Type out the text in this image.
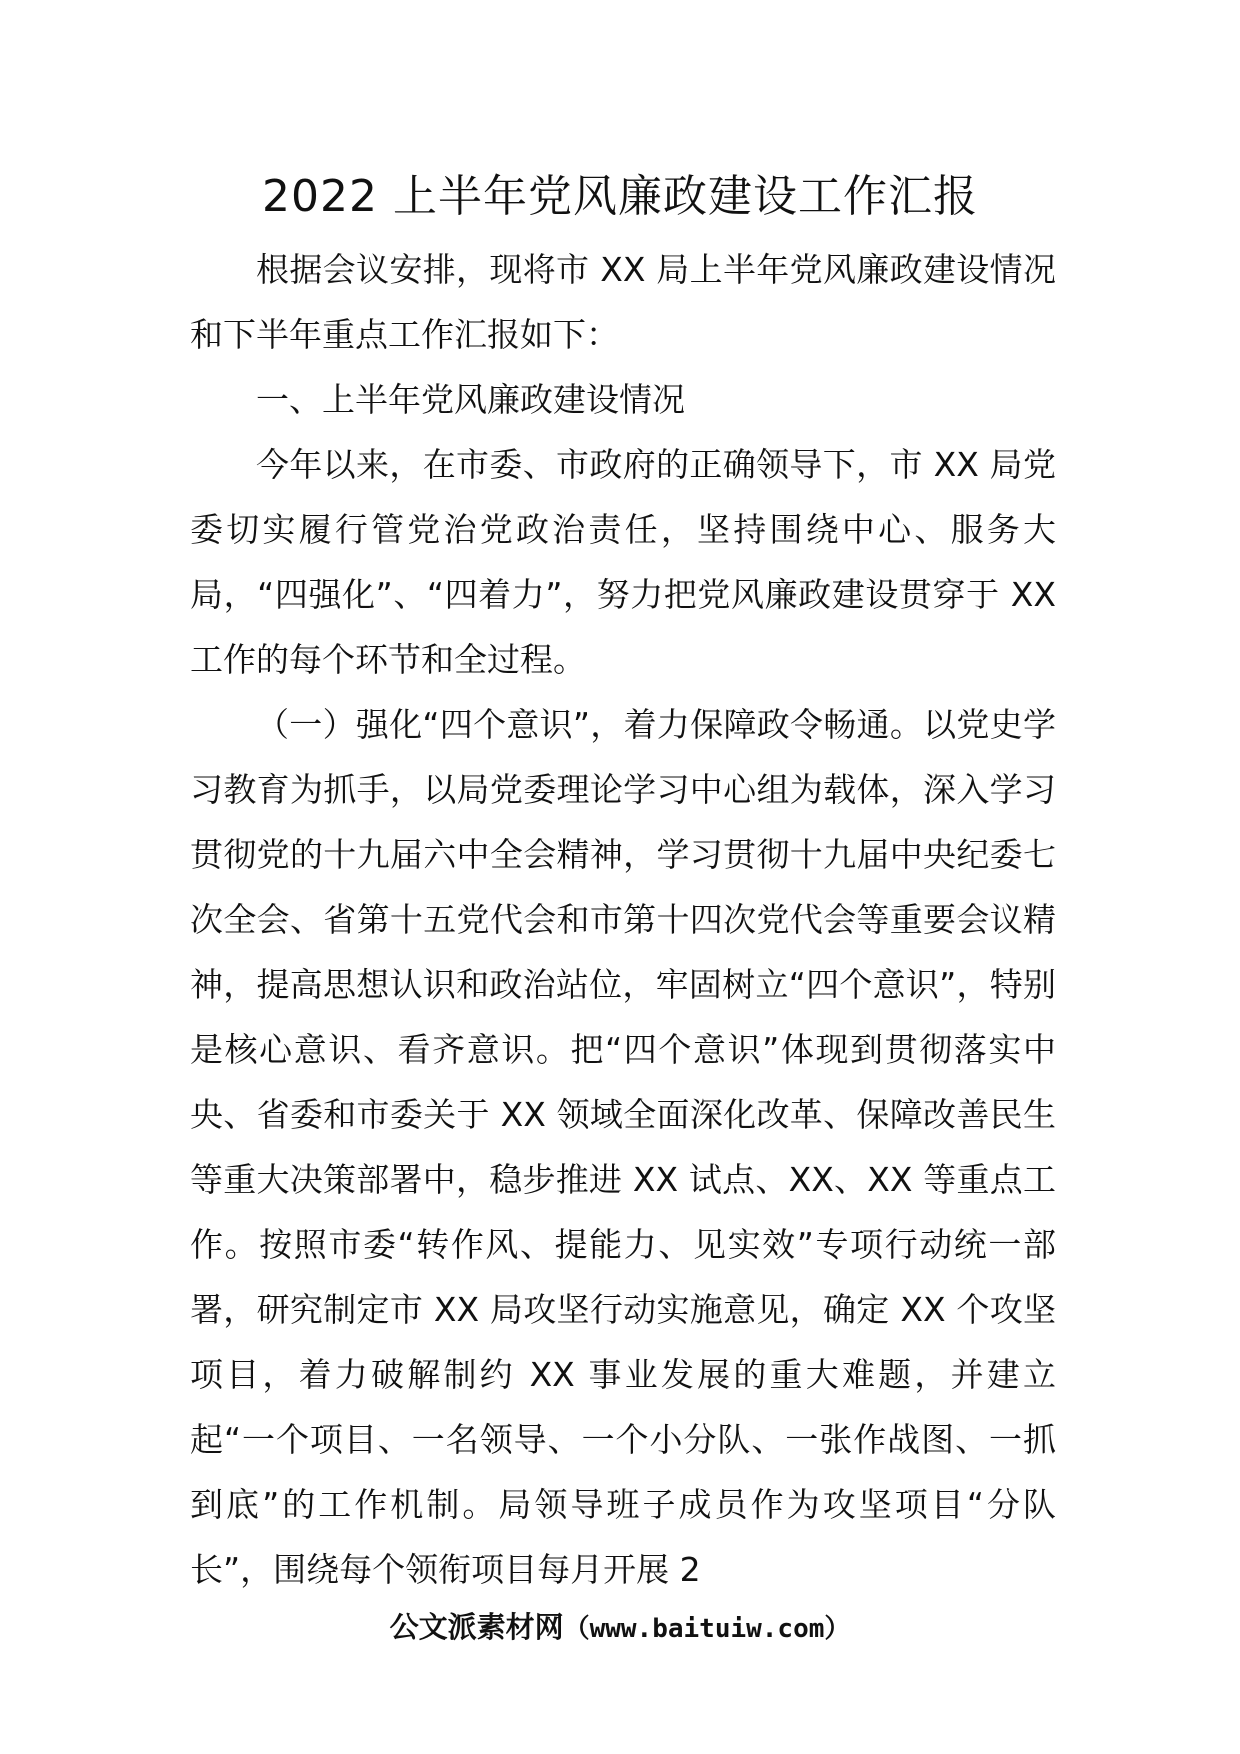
2022 上半年党风廉政建设工作汇报

根据会议安排，现将市 XX 局上半年党风廉政建设情况和下半年重点工作汇报如下：

一、上半年党风廉政建设情况

今年以来，在市委、市政府的正确领导下，市 XX 局党委切实履行管党治党政治责任，坚持围绕中心、服务大局，“四强化”、“四着力”，努力把党风廉政建设贯穿于 XX 工作的每个环节和全过程。

（一）强化“四个意识”，着力保障政令畅通。以党史学习教育为抓手，以局党委理论学习中心组为载体，深入学习贯彻党的十九届六中全会精神，学习贯彻十九届中央纪委七次全会、省第十五党代会和市第十四次党代会等重要会议精神，提高思想认识和政治站位，牢固树立“四个意识”，特别是核心意识、看齐意识。把“四个意识”体现到贯彻落实中央、省委和市委关于 XX 领域全面深化改革、保障改善民生等重大决策部署中，稳步推进 XX 试点、XX、XX 等重点工作。按照市委“转作风、提能力、见实效”专项行动统一部署，研究制定市 XX 局攻坚行动实施意见，确定 XX 个攻坚项目，着力破解制约 XX 事业发展的重大难题，并建立起“一个项目、一名领导、一个小分队、一张作战图、一抓到底”的工作机制。局领导班子成员作为攻坚项目“分队长”，围绕每个领衔项目每月开展 2

公文派素材网（www.baituiw.com）
